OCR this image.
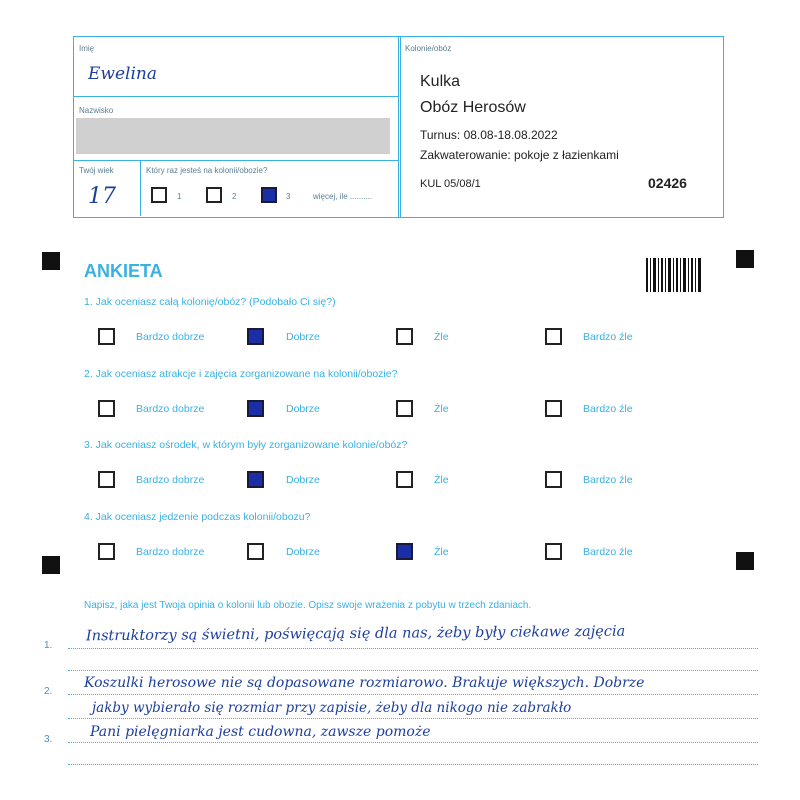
Imię
Ewelina
Nazwisko
Twój wiek
17
Który raz jesteś na kolonii/obozie?
1	2	3	więcej, ile ..........
Kolonie/obóz
Kulka
Obóz Herosów
Turnus: 08.08-18.08.2022
Zakwaterowanie: pokoje z łazienkami
KUL 05/08/1	02426
ANKIETA
1. Jak oceniasz całą kolonię/obóz? (Podobało Ci się?)
Bardzo dobrze	Dobrze	Źle	Bardzo źle
2. Jak oceniasz atrakcje i zajęcia zorganizowane na kolonii/obozie?
Bardzo dobrze	Dobrze	Źle	Bardzo źle
3. Jak oceniasz ośrodek, w którym były zorganizowane kolonie/obóz?
Bardzo dobrze	Dobrze	Źle	Bardzo źle
4. Jak oceniasz jedzenie podczas kolonii/obozu?
Bardzo dobrze	Dobrze	Źle	Bardzo źle
Napisz, jaka jest Twoja opinia o kolonii lub obozie. Opisz swoje wrażenia z pobytu w trzech zdaniach.
1.
2.
3.
Instruktorzy są świetni, poświęcają się dla nas, żeby były ciekawe zajęcia
Koszulki herosowe nie są dopasowane rozmiarowo. Brakuje większych. Dobrze
jakby wybierało się rozmiar przy zapisie, żeby dla nikogo nie zabrakło
Pani pielęgniarka jest cudowna, zawsze pomoże
